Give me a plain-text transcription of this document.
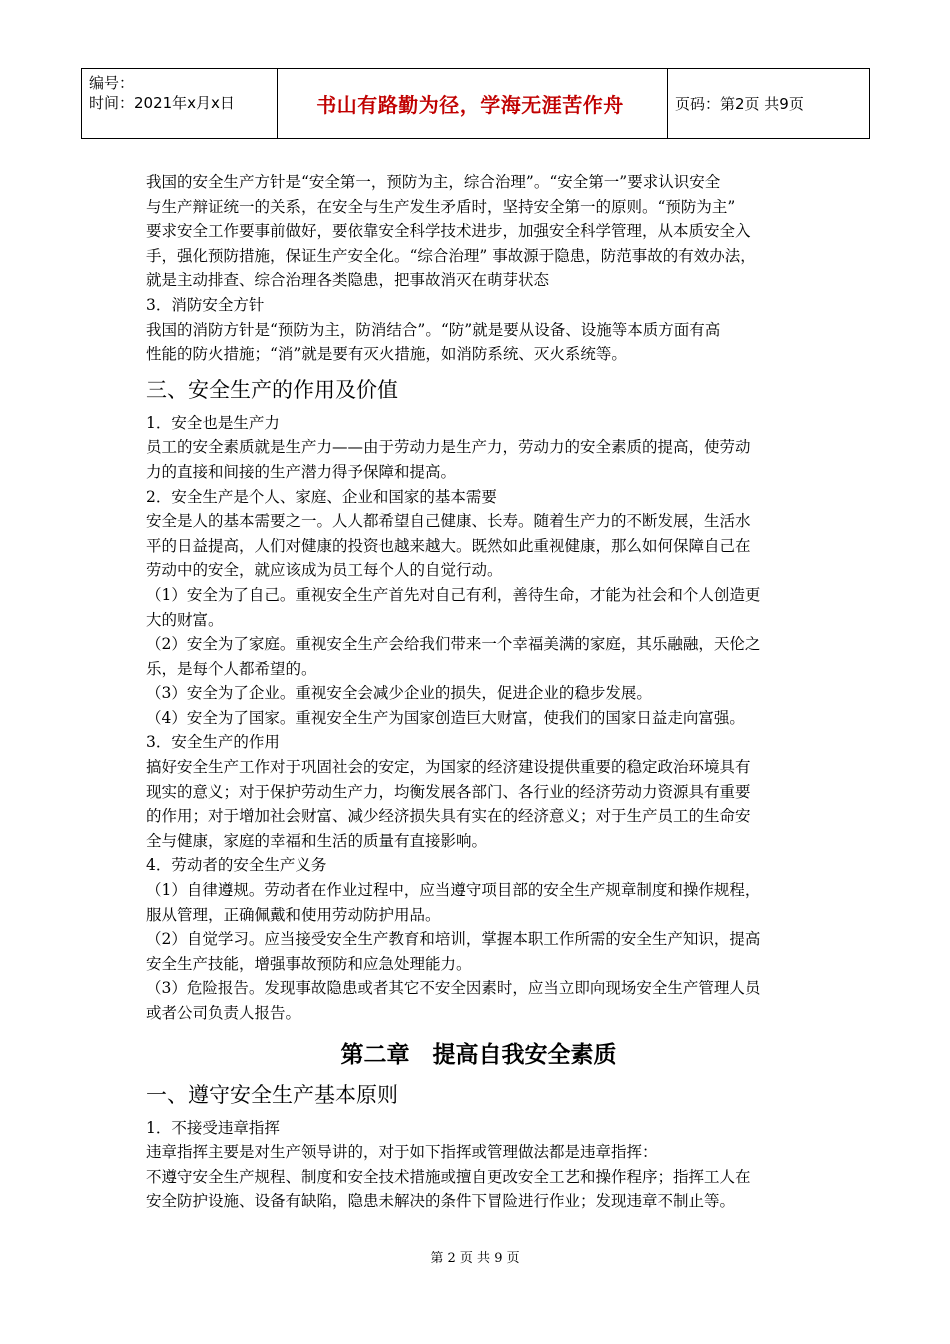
编号：
时间：2021年x月x日	书山有路勤为径，学海无涯苦作舟	页码：第2页 共9页

我国的安全生产方针是“安全第一，预防为主，综合治理”。“安全第一”要求认识安全

与生产辩证统一的关系，在安全与生产发生矛盾时，坚持安全第一的原则。“预防为主”

要求安全工作要事前做好，要依靠安全科学技术进步，加强安全科学管理，从本质安全入

手，强化预防措施，保证生产安全化。“综合治理” 事故源于隐患，防范事故的有效办法，

就是主动排查、综合治理各类隐患，把事故消灭在萌芽状态

3．消防安全方针

我国的消防方针是“预防为主，防消结合”。“防”就是要从设备、设施等本质方面有高

性能的防火措施；“消”就是要有灭火措施，如消防系统、灭火系统等。

三、安全生产的作用及价值

1．安全也是生产力

员工的安全素质就是生产力——由于劳动力是生产力，劳动力的安全素质的提高，使劳动

力的直接和间接的生产潜力得予保障和提高。

2．安全生产是个人、家庭、企业和国家的基本需要

安全是人的基本需要之一。人人都希望自己健康、长寿。随着生产力的不断发展，生活水

平的日益提高，人们对健康的投资也越来越大。既然如此重视健康，那么如何保障自己在

劳动中的安全，就应该成为员工每个人的自觉行动。

（1）安全为了自己。重视安全生产首先对自己有利，善待生命，才能为社会和个人创造更

大的财富。

（2）安全为了家庭。重视安全生产会给我们带来一个幸福美满的家庭，其乐融融，天伦之

乐，是每个人都希望的。

（3）安全为了企业。重视安全会减少企业的损失，促进企业的稳步发展。

（4）安全为了国家。重视安全生产为国家创造巨大财富，使我们的国家日益走向富强。

3．安全生产的作用

搞好安全生产工作对于巩固社会的安定，为国家的经济建设提供重要的稳定政治环境具有

现实的意义；对于保护劳动生产力，均衡发展各部门、各行业的经济劳动力资源具有重要

的作用；对于增加社会财富、减少经济损失具有实在的经济意义；对于生产员工的生命安

全与健康，家庭的幸福和生活的质量有直接影响。

4．劳动者的安全生产义务

（1）自律遵规。劳动者在作业过程中，应当遵守项目部的安全生产规章制度和操作规程，

服从管理，正确佩戴和使用劳动防护用品。

（2）自觉学习。应当接受安全生产教育和培训，掌握本职工作所需的安全生产知识，提高

安全生产技能，增强事故预防和应急处理能力。

（3）危险报告。发现事故隐患或者其它不安全因素时，应当立即向现场安全生产管理人员

或者公司负责人报告。

第二章　提高自我安全素质
一、遵守安全生产基本原则

1．不接受违章指挥

违章指挥主要是对生产领导讲的，对于如下指挥或管理做法都是违章指挥：

不遵守安全生产规程、制度和安全技术措施或擅自更改安全工艺和操作程序；指挥工人在

安全防护设施、设备有缺陷，隐患未解决的条件下冒险进行作业；发现违章不制止等。

第 2 页 共 9 页
